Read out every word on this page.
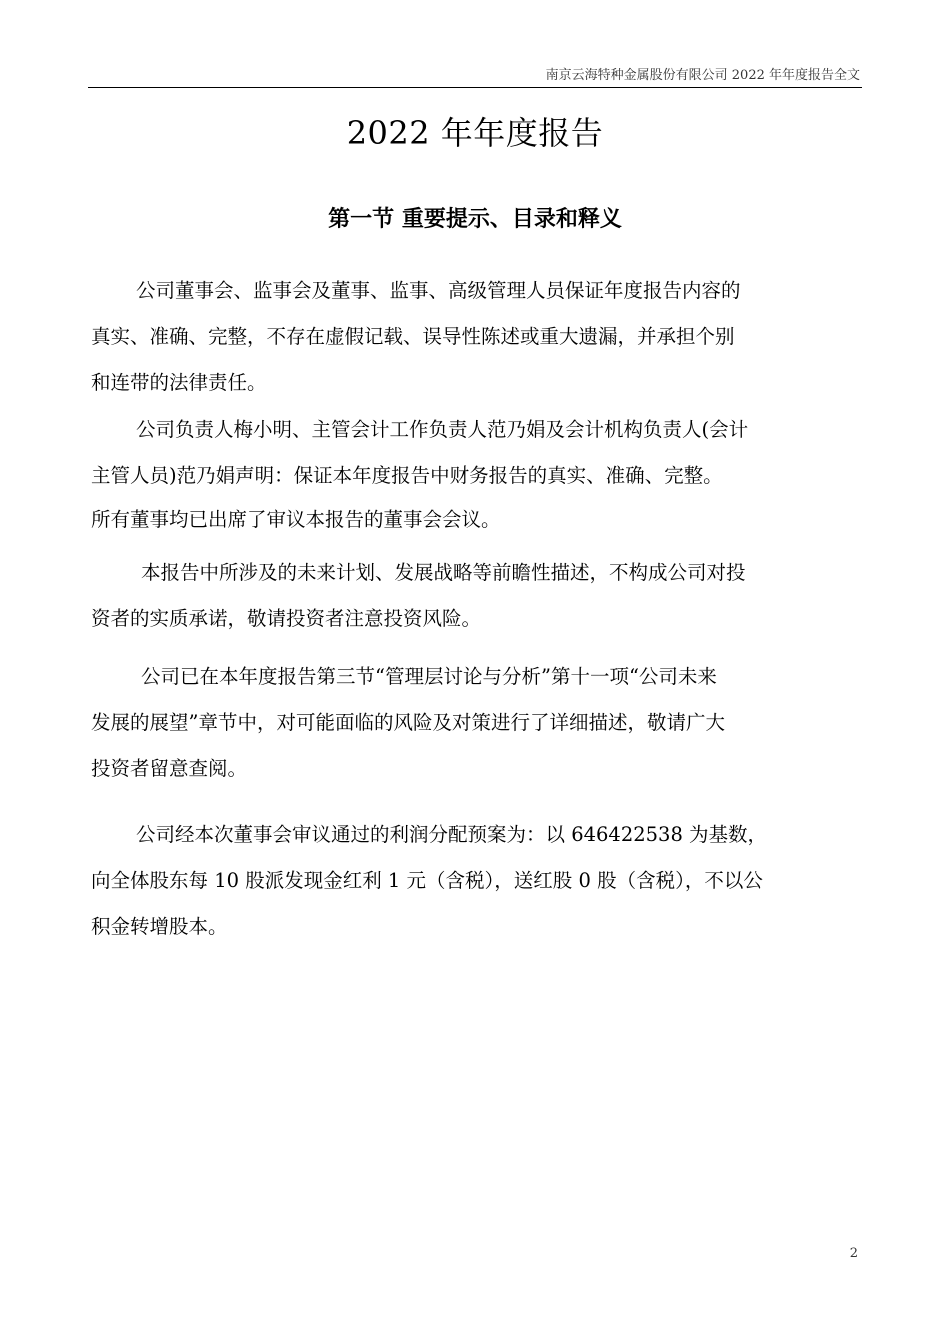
南京云海特种金属股份有限公司 2022 年年度报告全文
2022 年年度报告
第一节 重要提示、目录和释义
公司董事会、监事会及董事、监事、高级管理人员保证年度报告内容的
真实、准确、完整，不存在虚假记载、误导性陈述或重大遗漏，并承担个别
和连带的法律责任。
公司负责人梅小明、主管会计工作负责人范乃娟及会计机构负责人(会计
主管人员)范乃娟声明：保证本年度报告中财务报告的真实、准确、完整。
所有董事均已出席了审议本报告的董事会会议。
本报告中所涉及的未来计划、发展战略等前瞻性描述，不构成公司对投
资者的实质承诺，敬请投资者注意投资风险。
公司已在本年度报告第三节“管理层讨论与分析”第十一项“公司未来
发展的展望”章节中，对可能面临的风险及对策进行了详细描述，敬请广大
投资者留意查阅。
公司经本次董事会审议通过的利润分配预案为：以 646422538 为基数，
向全体股东每 10 股派发现金红利 1 元（含税），送红股 0 股（含税），不以公
积金转增股本。
2
